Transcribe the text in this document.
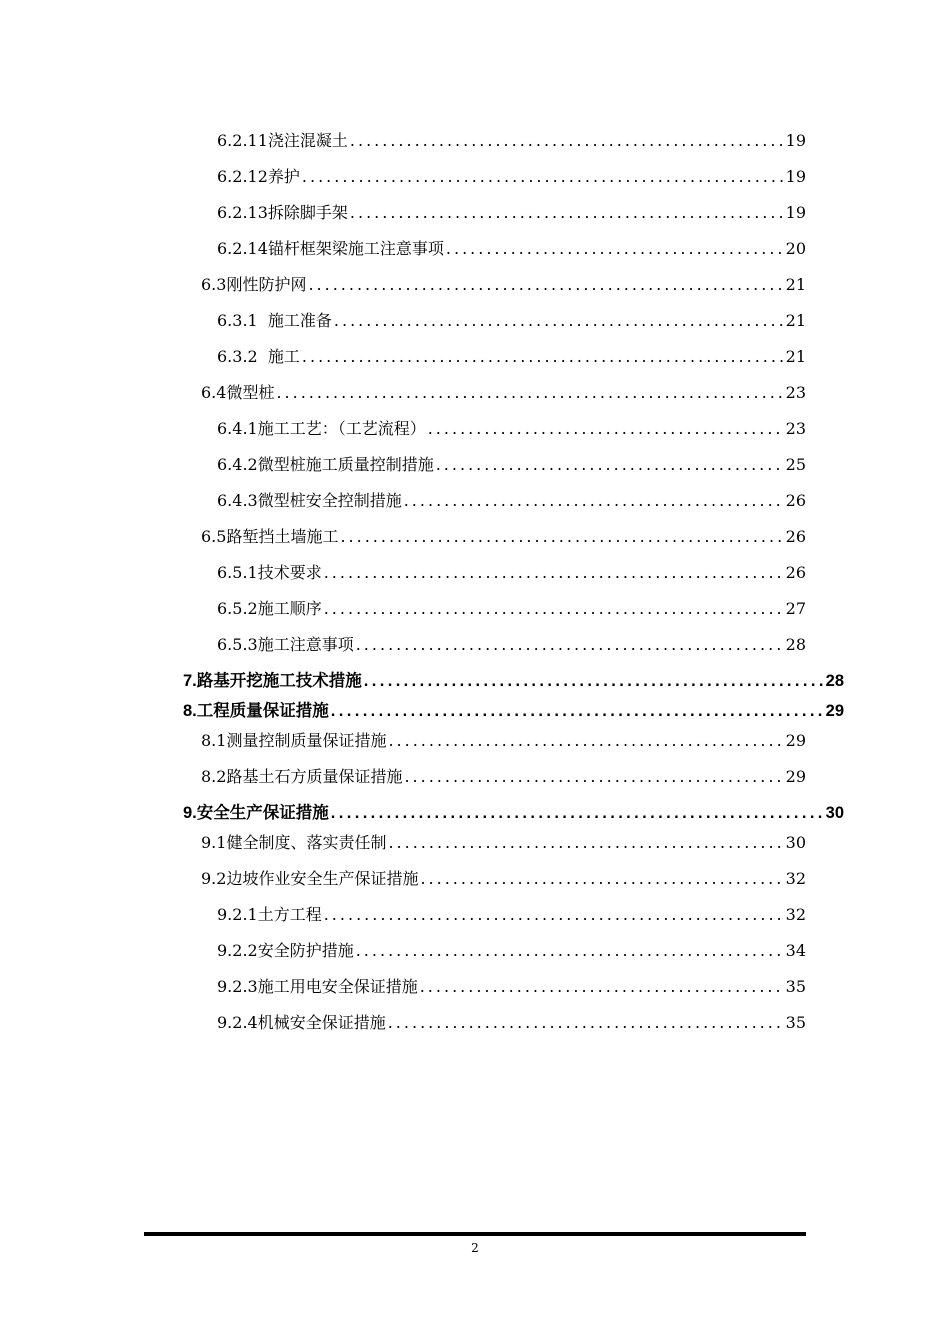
6.2.11浇注混凝土 .....	19
6.2.12养护 .....	19
6.2.13拆除脚手架 .....	19
6.2.14锚杆框架梁施工注意事项 .....	20
6.3刚性防护网 .....	21
6.3.1  施工准备 .....	21
6.3.2  施工 .....	21
6.4微型桩 .....	23
6.4.1施工工艺：（工艺流程） .....	23
6.4.2微型桩施工质量控制措施 .....	25
6.4.3微型桩安全控制措施 .....	26
6.5路堑挡土墙施工 .....	26
6.5.1技术要求 .....	26
6.5.2施工顺序 .....	27
6.5.3施工注意事项 .....	28
7.路基开挖施工技术措施 .....	28
8.工程质量保证措施 .....	29
8.1测量控制质量保证措施 .....	29
8.2路基土石方质量保证措施 .....	29
9.安全生产保证措施 .....	30
9.1健全制度、落实责任制 .....	30
9.2边坡作业安全生产保证措施 .....	32
9.2.1土方工程 .....	32
9.2.2安全防护措施 .....	34
9.2.3施工用电安全保证措施 .....	35
9.2.4机械安全保证措施 .....	35
2
